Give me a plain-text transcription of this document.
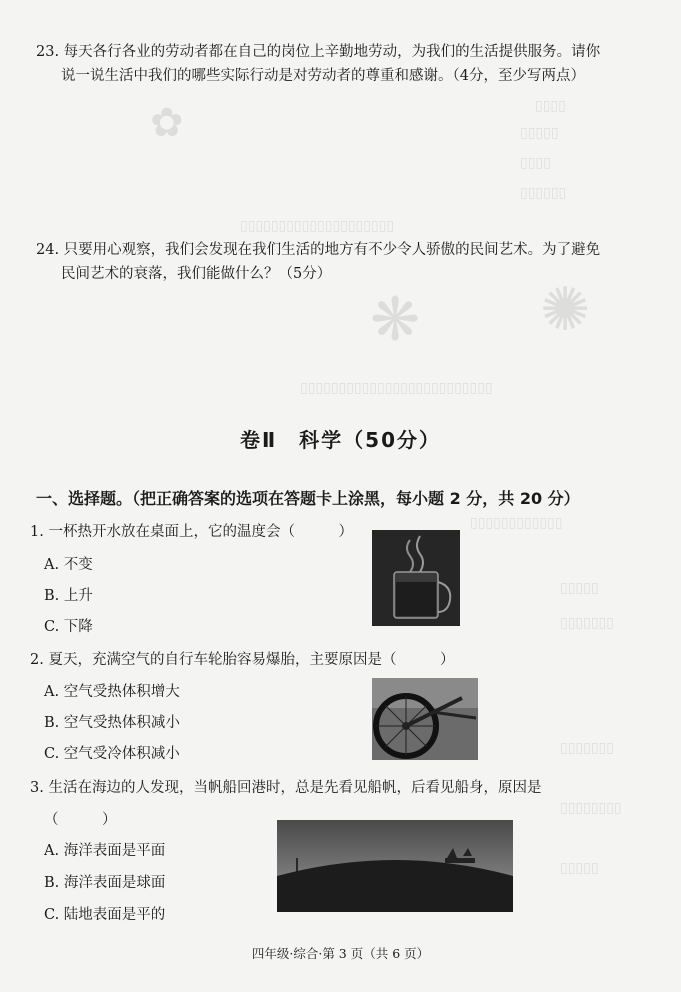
▯▯▯▯
▯▯▯▯▯
▯▯▯▯
▯▯▯▯▯▯
▯▯▯▯▯▯▯▯▯▯▯▯▯▯▯▯▯▯▯▯
✿
❋ ✺
▯▯▯▯▯▯▯▯▯▯▯▯▯▯▯▯▯▯▯▯▯▯▯▯▯
▯▯▯▯▯▯▯▯▯▯▯▯
▯▯▯▯▯
▯▯▯▯▯▯▯
▯▯▯▯▯▯▯
▯▯▯▯▯▯▯▯
▯▯▯▯▯
23. 每天各行各业的劳动者都在自己的岗位上辛勤地劳动，为我们的生活提供服务。请你
说一说生活中我们的哪些实际行动是对劳动者的尊重和感谢。（4分，至少写两点）
24. 只要用心观察，我们会发现在我们生活的地方有不少令人骄傲的民间艺术。为了避免
民间艺术的衰落，我们能做什么？（5分）
卷Ⅱ　科学（50分）
一、选择题。（把正确答案的选项在答题卡上涂黑，每小题 2 分，共 20 分）
1. 一杯热开水放在桌面上，它的温度会（　　　）
A. 不变
B. 上升
C. 下降
2. 夏天，充满空气的自行车轮胎容易爆胎，主要原因是（　　　）
A. 空气受热体积增大
B. 空气受热体积减小
C. 空气受冷体积减小
3. 生活在海边的人发现，当帆船回港时，总是先看见船帆，后看见船身，原因是
（　　　）
A. 海洋表面是平面
B. 海洋表面是球面
C. 陆地表面是平的
四年级·综合·第 3 页（共 6 页）
